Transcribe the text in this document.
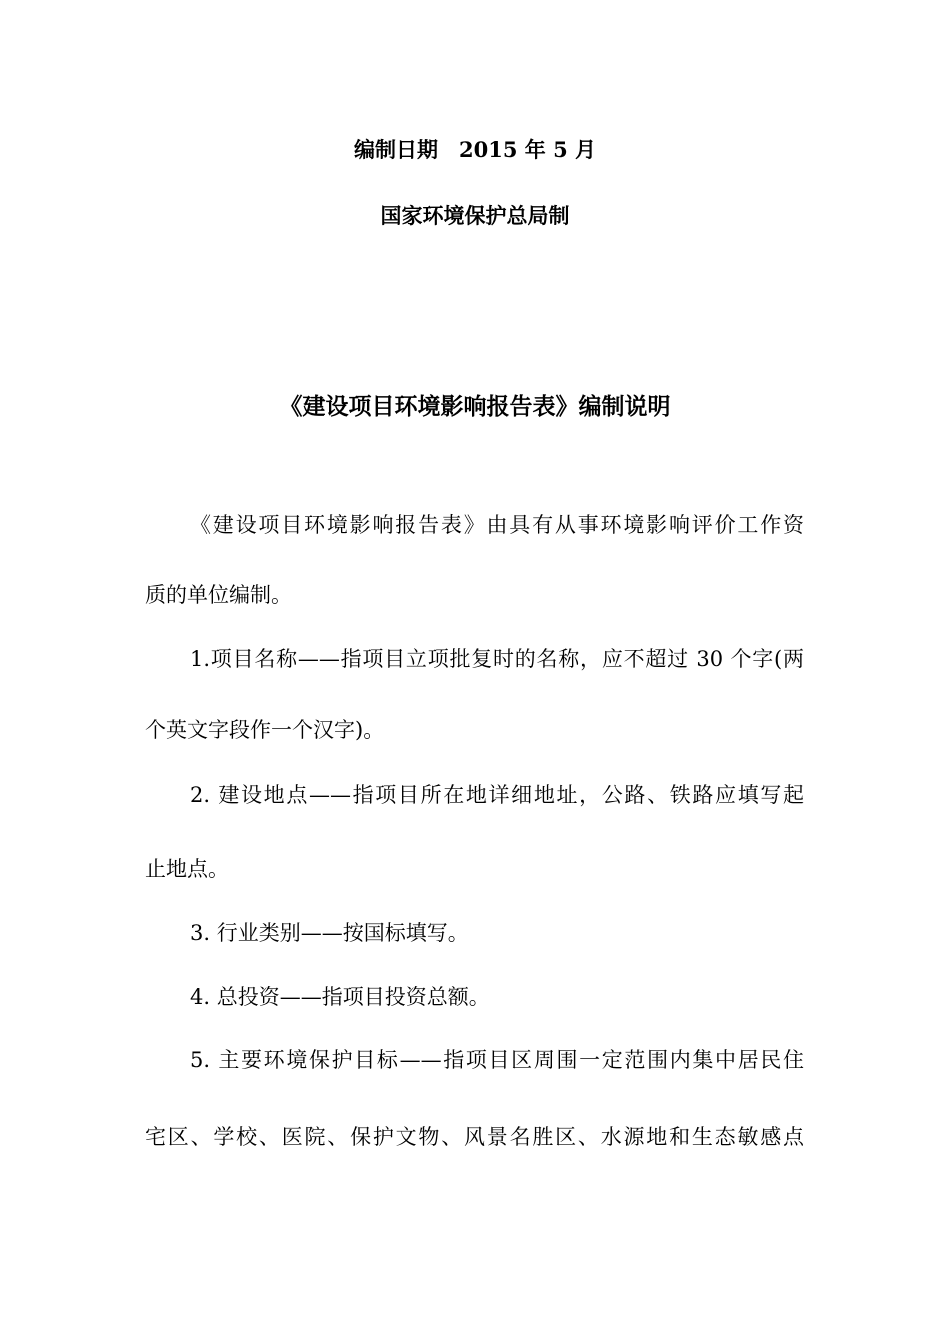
编制日期　2015 年 5 月
国家环境保护总局制
《建设项目环境影响报告表》编制说明
《建设项目环境影响报告表》由具有从事环境影响评价工作资
质的单位编制。
1.项目名称——指项目立项批复时的名称，应不超过 30 个字(两
个英文字段作一个汉字)。
2. 建设地点——指项目所在地详细地址，公路、铁路应填写起
止地点。
3. 行业类别——按国标填写。
4. 总投资——指项目投资总额。
5. 主要环境保护目标——指项目区周围一定范围内集中居民住
宅区、学校、医院、保护文物、风景名胜区、水源地和生态敏感点
